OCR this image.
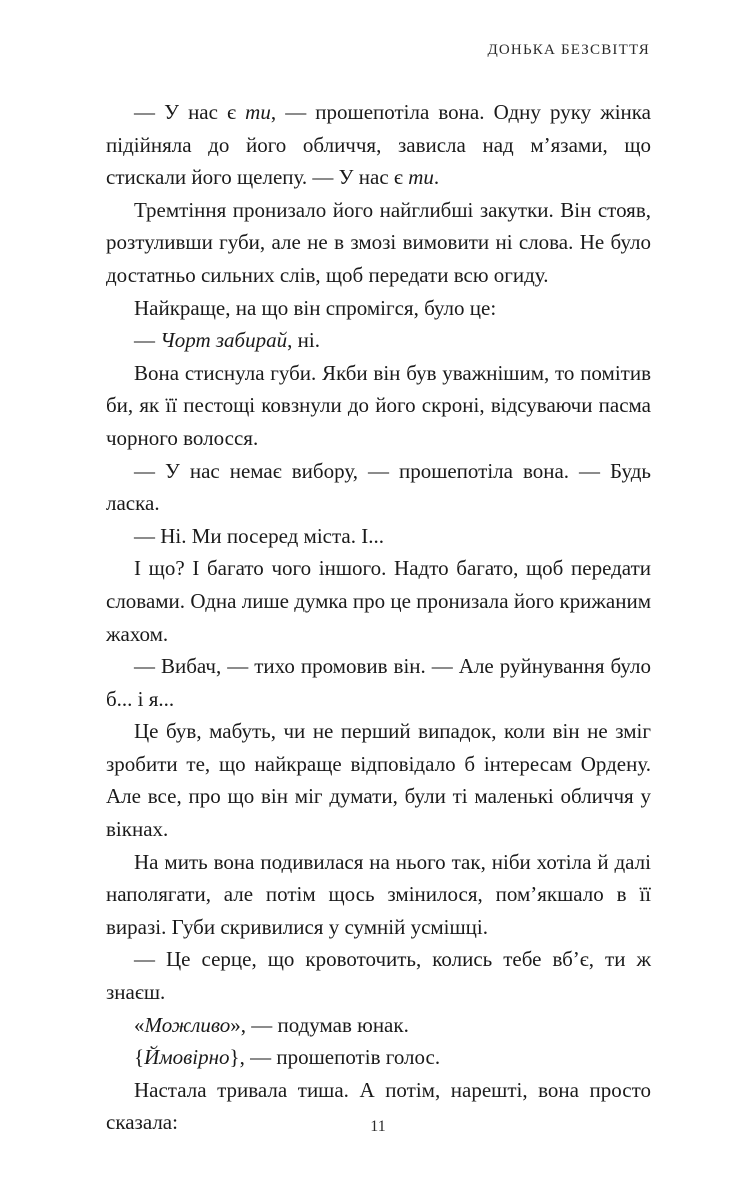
ДОНЬКА БЕЗСВІТТЯ

— У нас є ти, — прошепотіла вона. Одну руку жінка підійняла до його обличчя, зависла над м’язами, що стискали його щелепу. — У нас є ти.

Тремтіння пронизало його найглибші закутки. Він стояв, розтуливши губи, але не в змозі вимовити ні слова. Не було достатньо сильних слів, щоб передати всю огиду.

Найкраще, на що він спромігся, було це:

— Чорт забирай, ні.

Вона стиснула губи. Якби він був уважнішим, то помітив би, як її пестощі ковзнули до його скроні, відсуваючи пасма чорного волосся.

— У нас немає вибору, — прошепотіла вона. — Будь ласка.

— Ні. Ми посеред міста. І...

І що? І багато чого іншого. Надто багато, щоб передати словами. Одна лише думка про це пронизала його крижаним жахом.

— Вибач, — тихо промовив він. — Але руйнування було б... і я...

Це був, мабуть, чи не перший випадок, коли він не зміг зробити те, що найкраще відповідало б інтересам Ордену. Але все, про що він міг думати, були ті маленькі обличчя у вікнах.

На мить вона подивилася на нього так, ніби хотіла й далі наполягати, але потім щось змінилося, пом’якшало в її виразі. Губи скривилися у сумній усмішці.

— Це серце, що кровоточить, колись тебе вб’є, ти ж знаєш.

«Можливо», — подумав юнак.

{Ймовірно}, — прошепотів голос.

Настала тривала тиша. А потім, нарешті, вона просто сказала:	11
